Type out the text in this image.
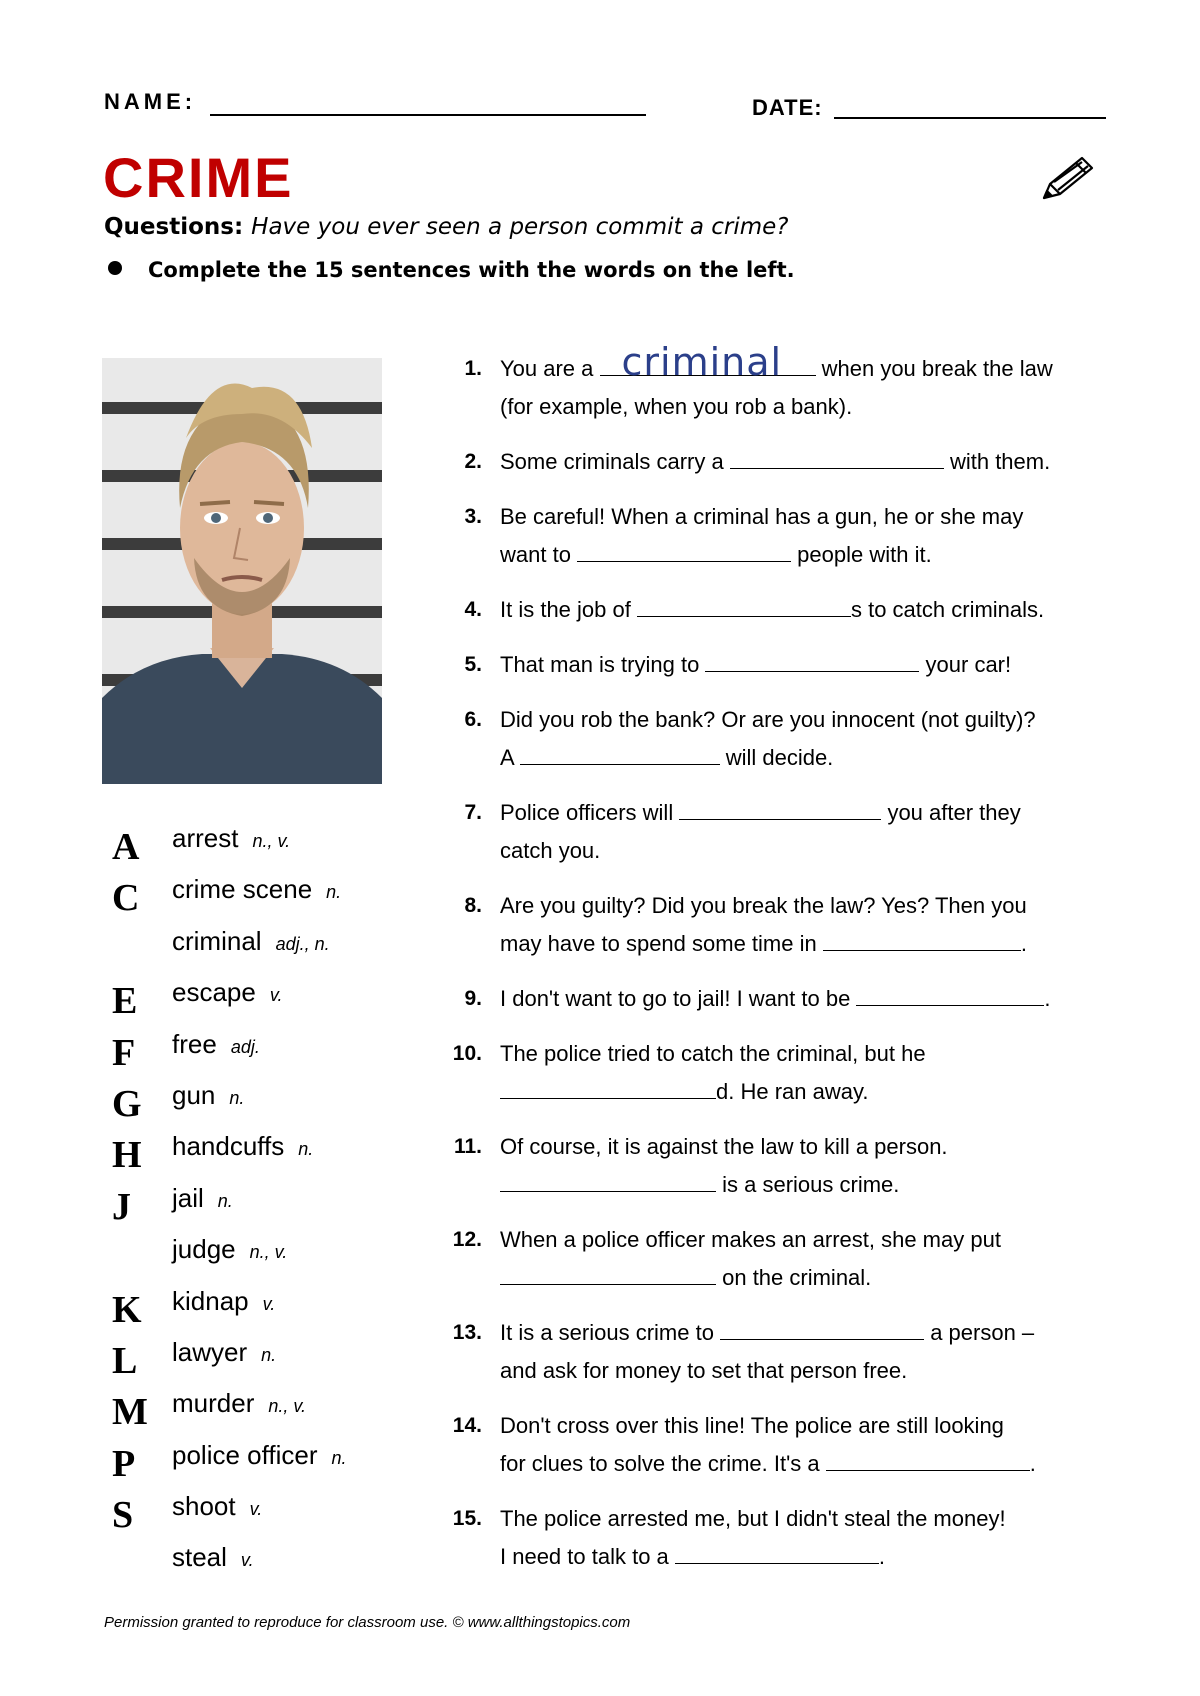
NAME:	DATE:
CRIME
Questions: Have you ever seen a person commit a crime?
Complete the 15 sentences with the words on the left.
A arrest n., v.
C crime scene n.
criminal adj., n.
E escape v.
F free adj.
G gun n.
H handcuffs n.
J jail n.
judge n., v.
K kidnap v.
L lawyer n.
M murder n., v.
P police officer n.
S shoot v.
steal v.
1. You are a criminal when you break the law
(for example, when you rob a bank).
2. Some criminals carry a	with them.
3. Be careful! When a criminal has a gun, he or she may
want to	people with it.
4. It is the job of	s to catch criminals.
5. That man is trying to	your car!
6. Did you rob the bank? Or are you innocent (not guilty)?
A	will decide.
7. Police officers will	you after they
catch you.
8. Are you guilty? Did you break the law? Yes? Then you
may have to spend some time in	.
9. I don't want to go to jail! I want to be	.
10. The police tried to catch the criminal, but he
d. He ran away.
11. Of course, it is against the law to kill a person.
is a serious crime.
12. When a police officer makes an arrest, she may put
on the criminal.
13. It is a serious crime to	a person –
and ask for money to set that person free.
14. Don't cross over this line! The police are still looking
for clues to solve the crime. It's a	.
15. The police arrested me, but I didn't steal the money!
I need to talk to a	.
Permission granted to reproduce for classroom use. © www.allthingstopics.com
